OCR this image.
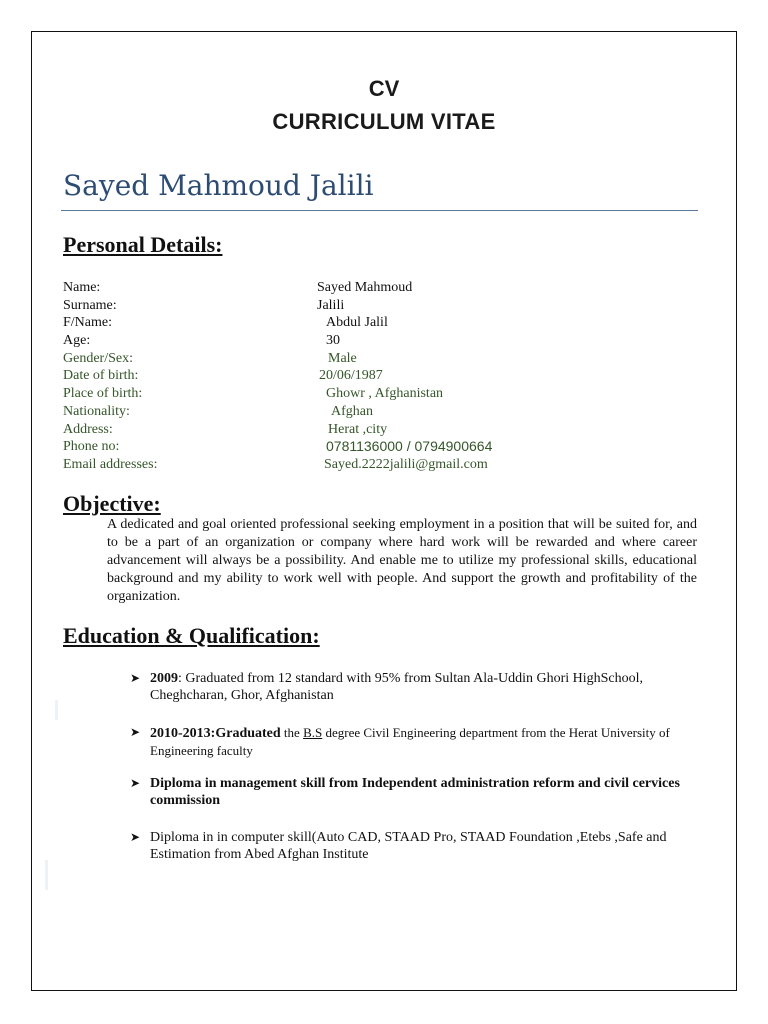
CV
CURRICULUM VITAE
Sayed Mahmoud Jalili
Personal Details:
Name:	Sayed Mahmoud
Surname:	Jalili
F/Name:	Abdul Jalil
Age:	30
Gender/Sex:	Male
Date of birth:	20/06/1987
Place of birth:	Ghowr , Afghanistan
Nationality:	Afghan
Address:	Herat ,city
Phone no:	0781136000 / 0794900664
Email addresses:	Sayed.2222jalili@gmail.com
Objective:
A dedicated and goal oriented professional seeking employment in a position that will be suited for, and to be a part of an organization or company where hard work will be rewarded and where career advancement will always be a possibility. And enable me to utilize my professional skills, educational background and my ability to work well with people. And support the growth and profitability of the organization.
Education & Qualification:
➤ 2009: Graduated from 12 standard with 95% from Sultan Ala-Uddin Ghori HighSchool, Cheghcharan, Ghor, Afghanistan
➤ 2010-2013:Graduated the B.S degree Civil Engineering department from the Herat University of Engineering faculty
➤ Diploma in management skill from Independent administration reform and civil cervices commission
➤ Diploma in in computer skill(Auto CAD, STAAD Pro, STAAD Foundation ,Etebs ,Safe and Estimation from Abed Afghan Institute
